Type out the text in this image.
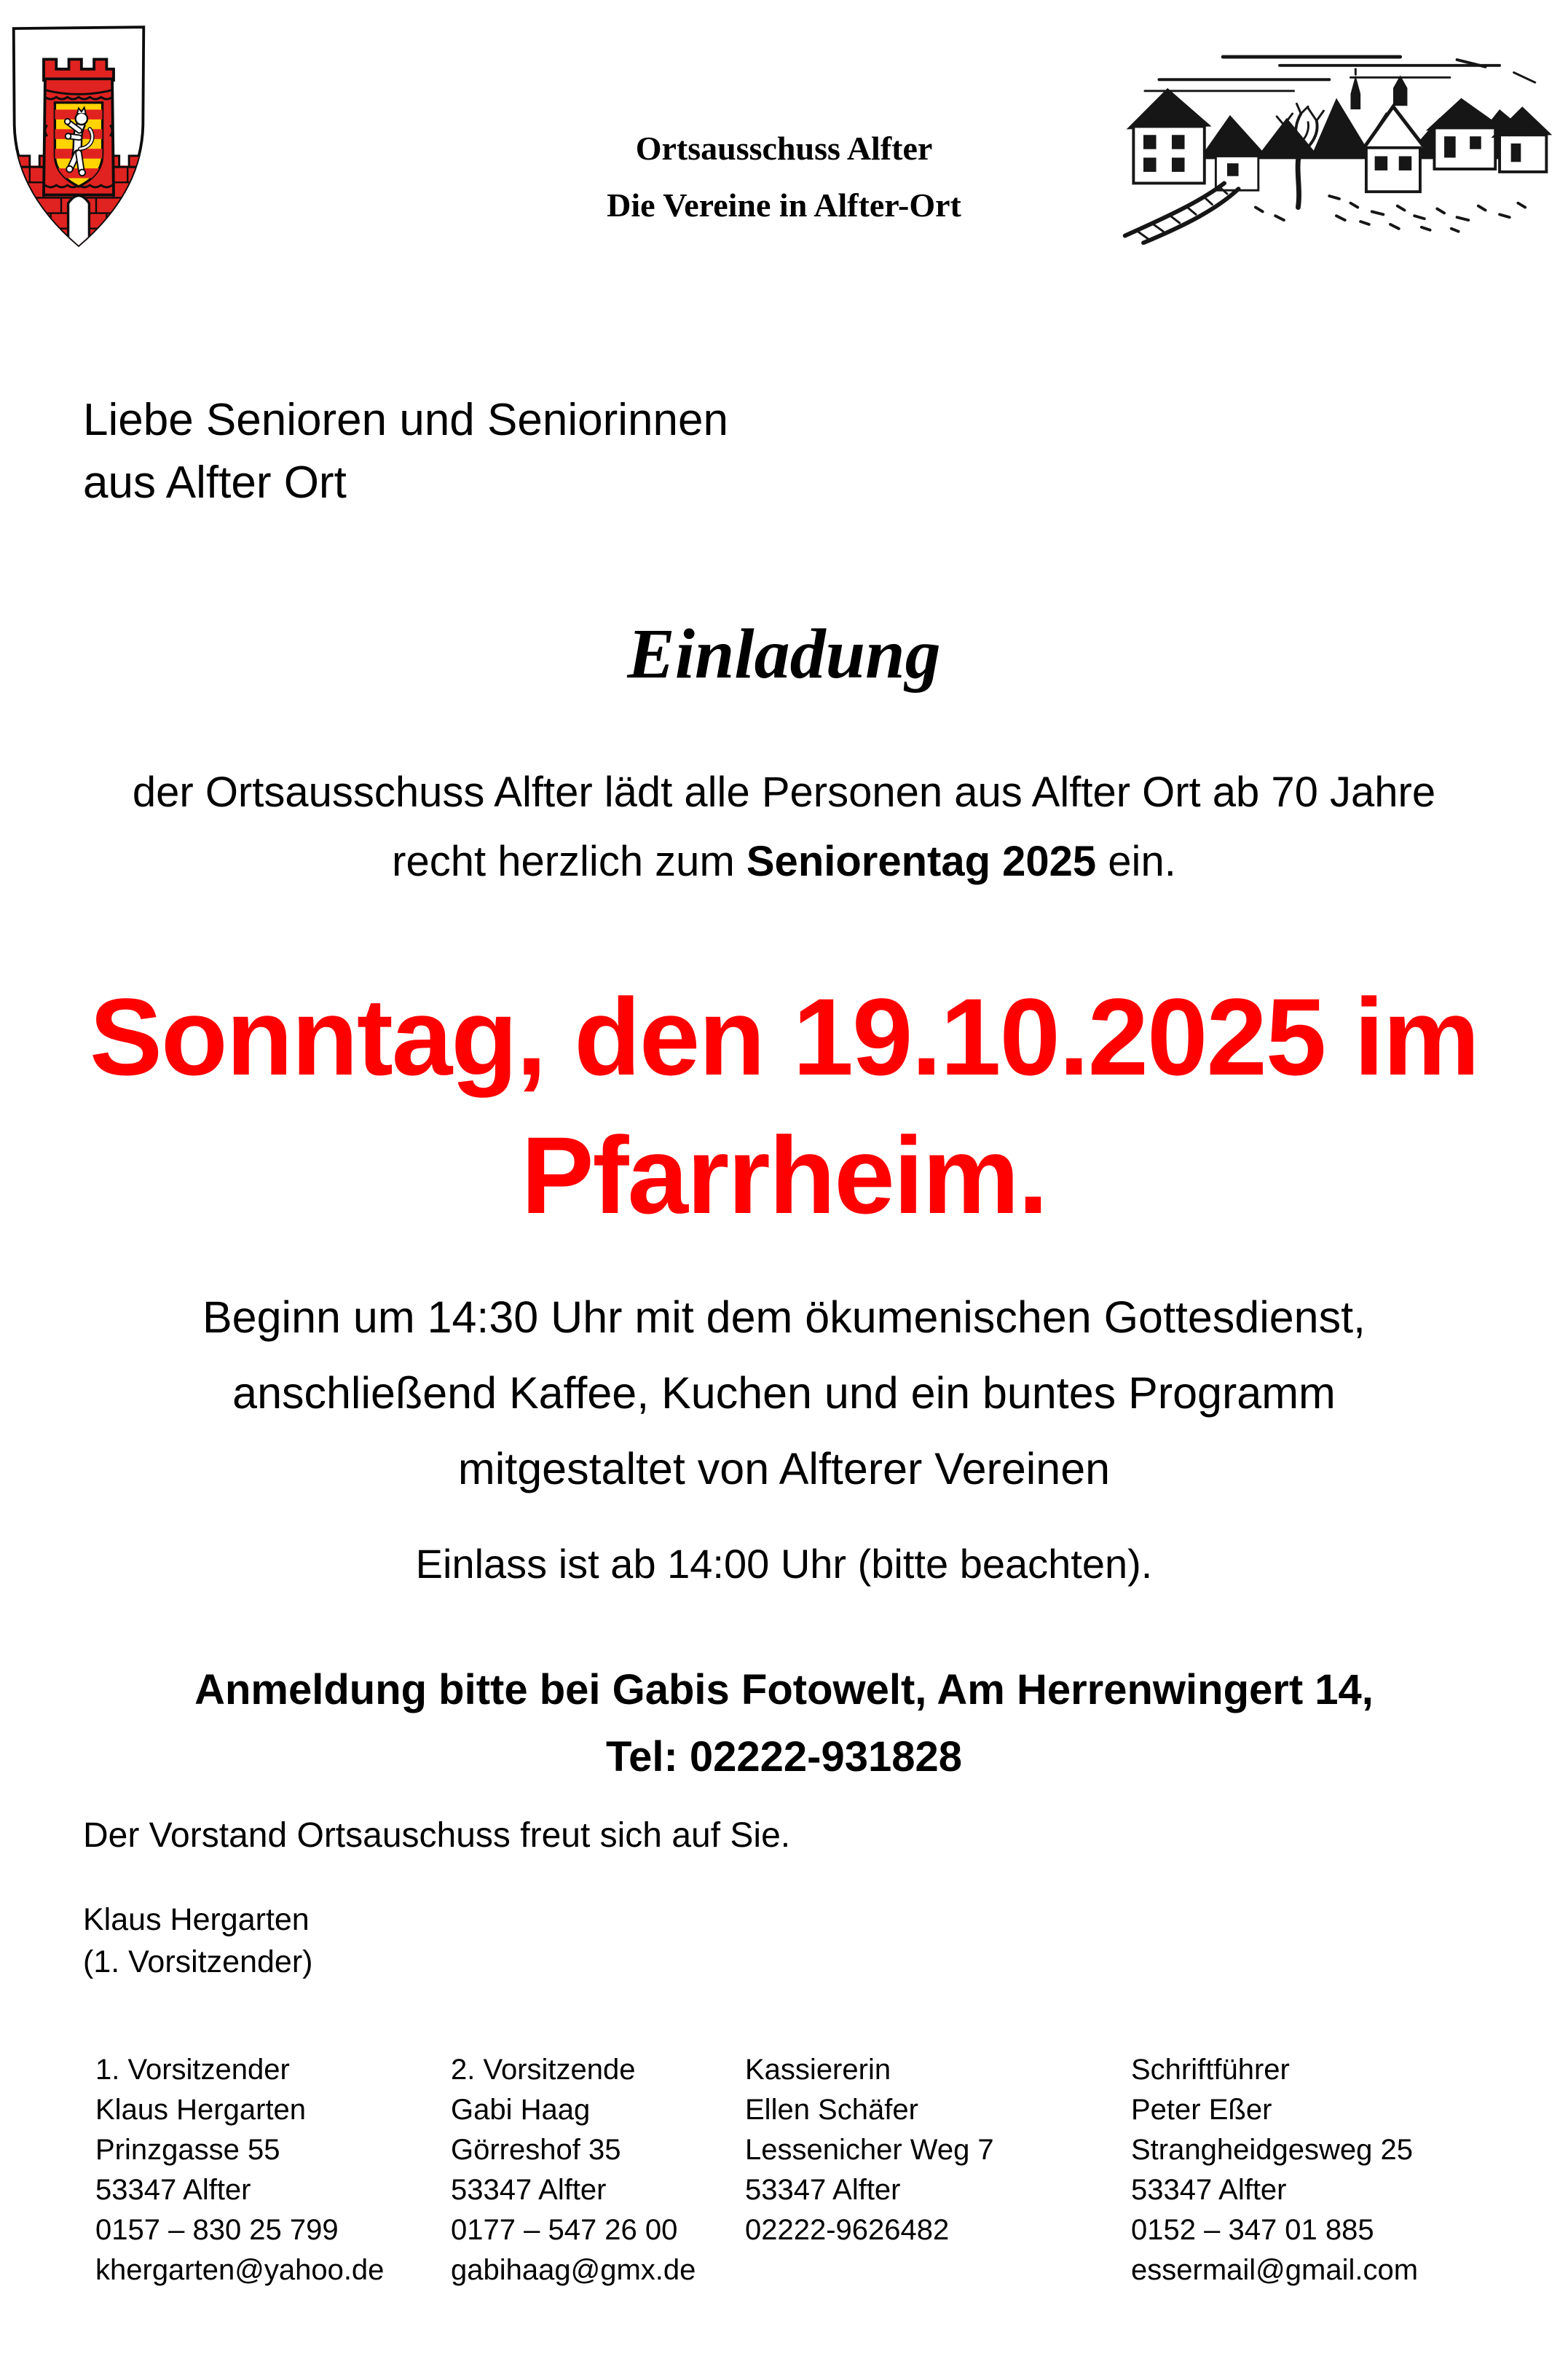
Ortsausschuss Alfter
Die Vereine in Alfter-Ort
Liebe Senioren und Seniorinnen
aus Alfter Ort
Einladung
der Ortsausschuss Alfter lädt alle Personen aus Alfter Ort ab 70 Jahre
recht herzlich zum Seniorentag 2025 ein.
Sonntag, den 19.10.2025 im
Pfarrheim.
Beginn um 14:30 Uhr mit dem ökumenischen Gottesdienst,
anschließend Kaffee, Kuchen und ein buntes Programm
mitgestaltet von Alfterer Vereinen
Einlass ist ab 14:00 Uhr (bitte beachten).
Anmeldung bitte bei Gabis Fotowelt, Am Herrenwingert 14,
Tel: 02222-931828
Der Vorstand Ortsauschuss freut sich auf Sie.
Klaus Hergarten
(1. Vorsitzender)
1. Vorsitzender
Klaus Hergarten
Prinzgasse 55
53347 Alfter
0157 – 830 25 799
khergarten@yahoo.de
2. Vorsitzende
Gabi Haag
Görreshof 35
53347 Alfter
0177 – 547 26 00
gabihaag@gmx.de
Kassiererin
Ellen Schäfer
Lessenicher Weg 7
53347 Alfter
02222-9626482
Schriftführer
Peter Eßer
Strangheidgesweg 25
53347 Alfter
0152 – 347 01 885
essermail@gmail.com
